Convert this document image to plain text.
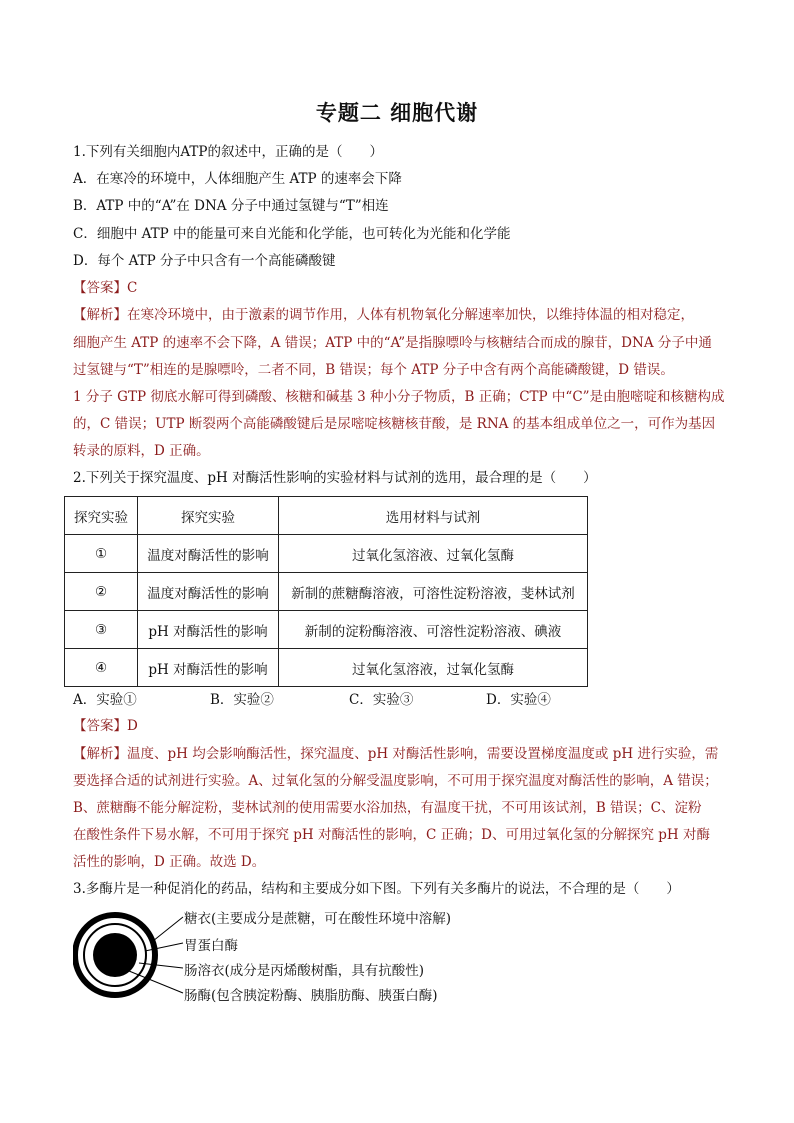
专题二 细胞代谢
1.下列有关细胞内ATP的叙述中，正确的是（　　）
A．在寒冷的环境中，人体细胞产生 ATP 的速率会下降
B．ATP 中的“A”在 DNA 分子中通过氢键与“T”相连
C．细胞中 ATP 中的能量可来自光能和化学能，也可转化为光能和化学能
D．每个 ATP 分子中只含有一个高能磷酸键
【答案】C
【解析】在寒冷环境中，由于激素的调节作用，人体有机物氧化分解速率加快，以维持体温的相对稳定，
细胞产生 ATP 的速率不会下降，A 错误；ATP 中的“A”是指腺嘌呤与核糖结合而成的腺苷，DNA 分子中通
过氢键与“T”相连的是腺嘌呤，二者不同，B 错误；每个 ATP 分子中含有两个高能磷酸键，D 错误。
1 分子 GTP 彻底水解可得到磷酸、核糖和碱基 3 种小分子物质，B 正确；CTP 中“C”是由胞嘧啶和核糖构成
的，C 错误；UTP 断裂两个高能磷酸键后是尿嘧啶核糖核苷酸，是 RNA 的基本组成单位之一，可作为基因
转录的原料，D 正确。
2.下列关于探究温度、pH 对酶活性影响的实验材料与试剂的选用，最合理的是（　　）
探究实验	探究实验	选用材料与试剂
①	温度对酶活性的影响	过氧化氢溶液、过氧化氢酶
②	温度对酶活性的影响	新制的蔗糖酶溶液，可溶性淀粉溶液，斐林试剂
③	pH 对酶活性的影响	新制的淀粉酶溶液、可溶性淀粉溶液、碘液
④	pH 对酶活性的影响	过氧化氢溶液，过氧化氢酶
A．实验①	B．实验②	C．实验③	D．实验④
【答案】D
【解析】温度、pH 均会影响酶活性，探究温度、pH 对酶活性影响，需要设置梯度温度或 pH 进行实验，需
要选择合适的试剂进行实验。A、过氧化氢的分解受温度影响，不可用于探究温度对酶活性的影响，A 错误；
B、蔗糖酶不能分解淀粉，斐林试剂的使用需要水浴加热，有温度干扰，不可用该试剂，B 错误；C、淀粉
在酸性条件下易水解，不可用于探究 pH 对酶活性的影响，C 正确；D、可用过氧化氢的分解探究 pH 对酶
活性的影响，D 正确。故选 D。
3.多酶片是一种促消化的药品，结构和主要成分如下图。下列有关多酶片的说法，不合理的是（　　）
糖衣(主要成分是蔗糖，可在酸性环境中溶解)
胃蛋白酶
肠溶衣(成分是丙烯酸树酯，具有抗酸性)
肠酶(包含胰淀粉酶、胰脂肪酶、胰蛋白酶)
